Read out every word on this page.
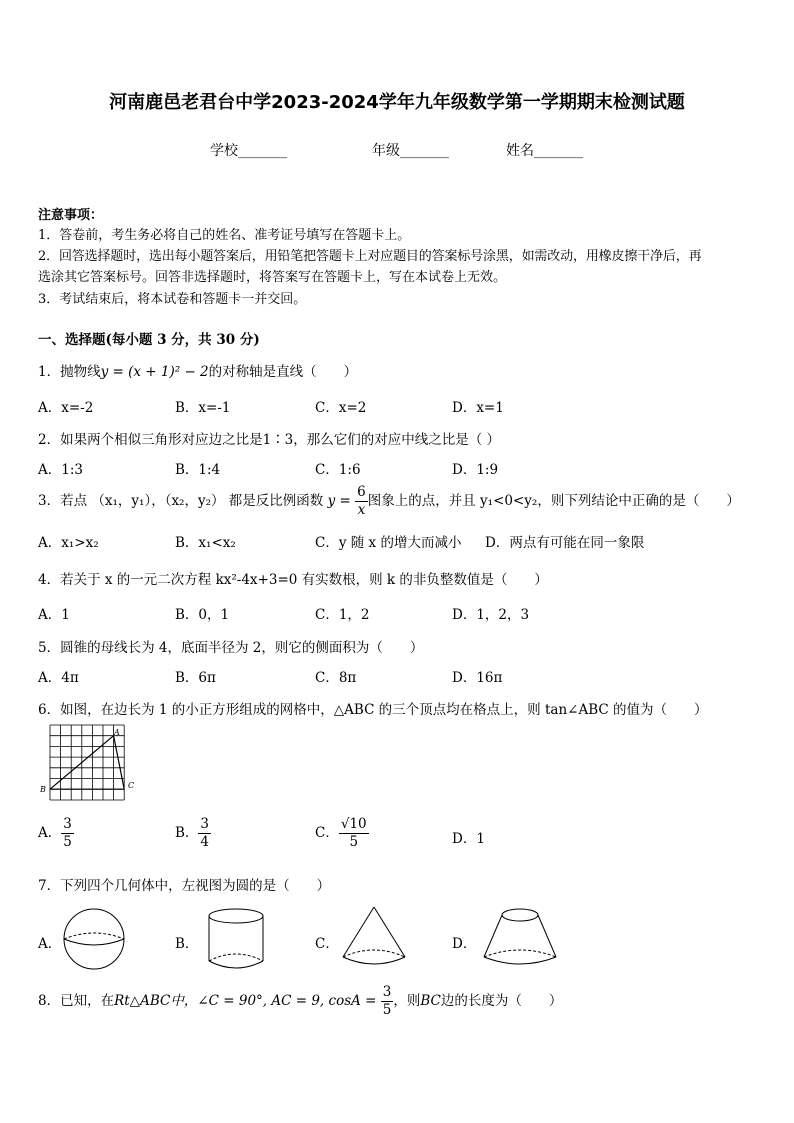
河南鹿邑老君台中学2023-2024学年九年级数学第一学期期末检测试题
学校_______	年级_______	姓名_______
注意事项：
1．答卷前，考生务必将自己的姓名、准考证号填写在答题卡上。
2．回答选择题时，选出每小题答案后，用铅笔把答题卡上对应题目的答案标号涂黑，如需改动，用橡皮擦干净后，再
选涂其它答案标号。回答非选择题时，将答案写在答题卡上，写在本试卷上无效。
3．考试结束后，将本试卷和答题卡一并交回。
一、选择题(每小题 3 分，共 30 分)
1．抛物线y = (x + 1)² − 2的对称轴是直线（　　）
A．x=-2	B．x=-1	C．x=2	D．x=1
2．如果两个相似三角形对应边之比是1∶3，那么它们的对应中线之比是（ ）
A．1:3	B．1:4	C．1:6	D．1:9
3．若点 （x₁，y₁），（x₂，y₂） 都是反比例函数 $y = \frac{6}{x}$ 图象上的点，并且 y₁<0<y₂，则下列结论中正确的是（　　）
A．x₁>x₂	B．x₁<x₂	C．y 随 x 的增大而减小 D．两点有可能在同一象限
4．若关于 x 的一元二次方程 kx²-4x+3=0 有实数根，则 k 的非负整数值是（　　）
A．1	B．0，1	C．1，2	D．1，2，3
5．圆锥的母线长为 4，底面半径为 2，则它的侧面积为（　　）
A．4π	B．6π	C．8π	D．16π
6．如图，在边长为 1 的小正方形组成的网格中，△ABC 的三个顶点均在格点上，则 tan∠ABC 的值为（　　）
A
B	C
A． $\frac{3}{5}$	B． $\frac{3}{4}$	C． $\frac{√10}{5}$	D．1
7．下列四个几何体中，左视图为圆的是（　　）
A．	B．	C．	D．
8．已知，在Rt△ABC中，∠C = 90°, AC = 9, $\cos A = \frac{3}{5}$ ，则BC边的长度为（　　）
